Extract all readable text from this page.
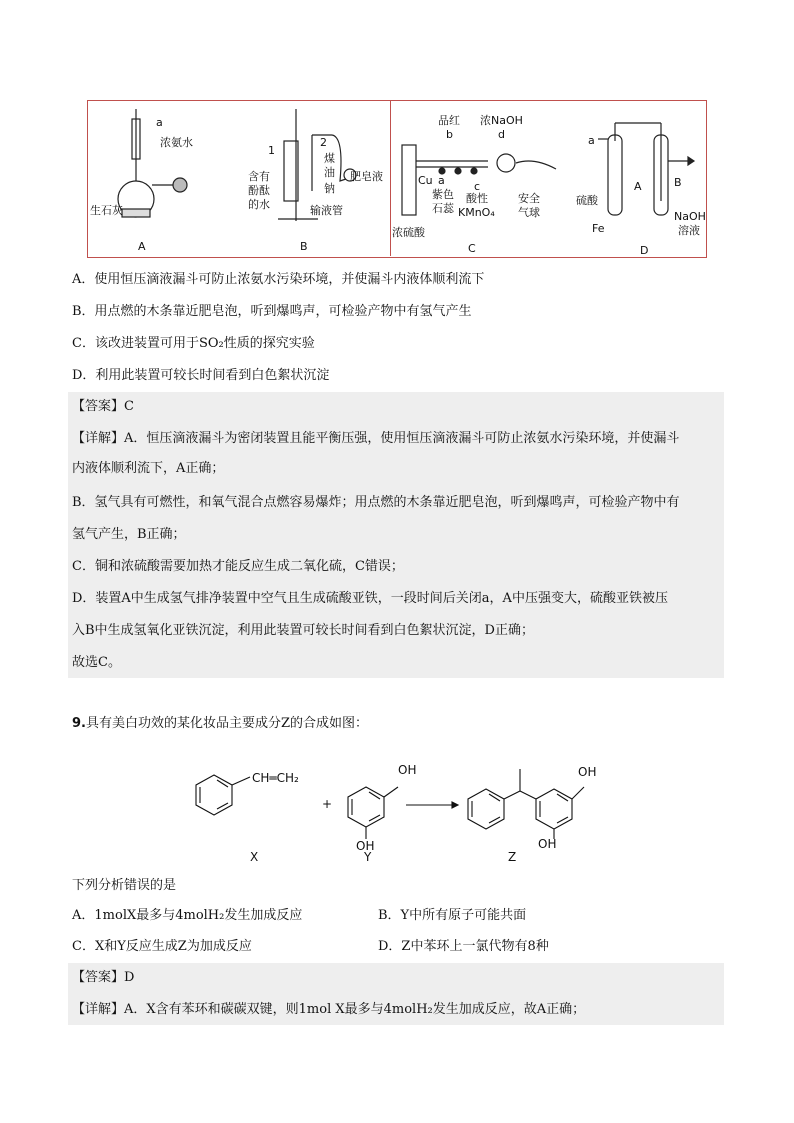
a
浓氨水
生石灰
A
1
2
煤
油
含有
酚酞
的水
钠
肥皂液
输液管
B
品红
b
浓NaOH
d
Cu a
紫色
石蕊
c
酸性
KMnO₄
安全
气球
浓硫酸
C
a
A	B
硫酸
Fe
NaOH
溶液
D
A．使用恒压滴液漏斗可防止浓氨水污染环境，并使漏斗内液体顺利流下
B．用点燃的木条靠近肥皂泡，听到爆鸣声，可检验产物中有氢气产生
C．该改进装置可用于SO₂性质的探究实验
D．利用此装置可较长时间看到白色絮状沉淀
【答案】C
【详解】A．恒压滴液漏斗为密闭装置且能平衡压强，使用恒压滴液漏斗可防止浓氨水污染环境，并使漏斗
内液体顺利流下，A正确；
B．氢气具有可燃性，和氧气混合点燃容易爆炸；用点燃的木条靠近肥皂泡，听到爆鸣声，可检验产物中有
氢气产生，B正确；
C．铜和浓硫酸需要加热才能反应生成二氧化硫，C错误；
D．装置A中生成氢气排净装置中空气且生成硫酸亚铁，一段时间后关闭a，A中压强变大，硫酸亚铁被压
入B中生成氢氧化亚铁沉淀，利用此装置可较长时间看到白色絮状沉淀，D正确；
故选C。
9.具有美白功效的某化妆品主要成分Z的合成如图：
CH═CH₂
+
OH
OH
OH
OH
X	Y	Z
下列分析错误的是
A．1molX最多与4molH₂发生加成反应	B．Y中所有原子可能共面
C．X和Y反应生成Z为加成反应	D．Z中苯环上一氯代物有8种
【答案】D
【详解】A．X含有苯环和碳碳双键，则1mol X最多与4molH₂发生加成反应，故A正确；
